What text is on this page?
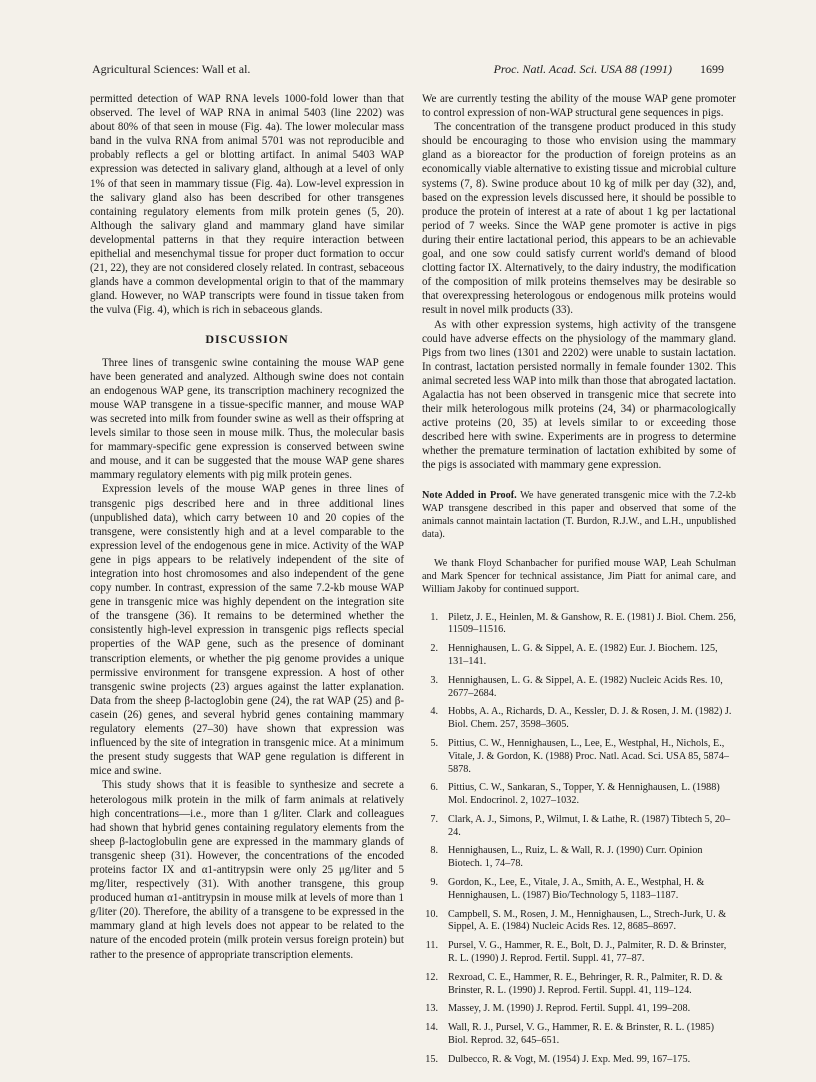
Agricultural Sciences: Wall et al.	Proc. Natl. Acad. Sci. USA 88 (1991) 1699

permitted detection of WAP RNA levels 1000-fold lower than that observed. The level of WAP RNA in animal 5403 (line 2202) was about 80% of that seen in mouse (Fig. 4a). The lower molecular mass band in the vulva RNA from animal 5701 was not reproducible and probably reflects a gel or blotting artifact. In animal 5403 WAP expression was detected in salivary gland, although at a level of only 1% of that seen in mammary tissue (Fig. 4a). Low-level expression in the salivary gland also has been described for other transgenes containing regulatory elements from milk protein genes (5, 20). Although the salivary gland and mammary gland have similar developmental patterns in that they require interaction between epithelial and mesenchymal tissue for proper duct formation to occur (21, 22), they are not considered closely related. In contrast, sebaceous glands have a common developmental origin to that of the mammary gland. However, no WAP transcripts were found in tissue taken from the vulva (Fig. 4), which is rich in sebaceous glands.

DISCUSSION

Three lines of transgenic swine containing the mouse WAP gene have been generated and analyzed. Although swine does not contain an endogenous WAP gene, its transcription machinery recognized the mouse WAP transgene in a tissue-specific manner, and mouse WAP was secreted into milk from founder swine as well as their offspring at levels similar to those seen in mouse milk. Thus, the molecular basis for mammary-specific gene expression is conserved between swine and mouse, and it can be suggested that the mouse WAP gene shares mammary regulatory elements with pig milk protein genes.

Expression levels of the mouse WAP genes in three lines of transgenic pigs described here and in three additional lines (unpublished data), which carry between 10 and 20 copies of the transgene, were consistently high and at a level comparable to the expression level of the endogenous gene in mice. Activity of the WAP gene in pigs appears to be relatively independent of the site of integration into host chromosomes and also independent of the gene copy number. In contrast, expression of the same 7.2-kb mouse WAP gene in transgenic mice was highly dependent on the integration site of the transgene (36). It remains to be determined whether the consistently high-level expression in transgenic pigs reflects special properties of the WAP gene, such as the presence of dominant transcription elements, or whether the pig genome provides a unique permissive environment for transgene expression. A host of other transgenic swine projects (23) argues against the latter explanation. Data from the sheep β-lactoglobin gene (24), the rat WAP (25) and β-casein (26) genes, and several hybrid genes containing mammary regulatory elements (27–30) have shown that expression was influenced by the site of integration in transgenic mice. At a minimum the present study suggests that WAP gene regulation is different in mice and swine.

This study shows that it is feasible to synthesize and secrete a heterologous milk protein in the milk of farm animals at relatively high concentrations—i.e., more than 1 g/liter. Clark and colleagues had shown that hybrid genes containing regulatory elements from the sheep β-lactoglobulin gene are expressed in the mammary glands of transgenic sheep (31). However, the concentrations of the encoded proteins factor IX and α1-antitrypsin were only 25 μg/liter and 5 mg/liter, respectively (31). With another transgene, this group produced human α1-antitrypsin in mouse milk at levels of more than 1 g/liter (20). Therefore, the ability of a transgene to be expressed in the mammary gland at high levels does not appear to be related to the nature of the encoded protein (milk protein versus foreign protein) but rather to the presence of appropriate transcription elements.

We are currently testing the ability of the mouse WAP gene promoter to control expression of non-WAP structural gene sequences in pigs.

The concentration of the transgene product produced in this study should be encouraging to those who envision using the mammary gland as a bioreactor for the production of foreign proteins as an economically viable alternative to existing tissue and microbial culture systems (7, 8). Swine produce about 10 kg of milk per day (32), and, based on the expression levels discussed here, it should be possible to produce the protein of interest at a rate of about 1 kg per lactational period of 7 weeks. Since the WAP gene promoter is active in pigs during their entire lactational period, this appears to be an achievable goal, and one sow could satisfy current world's demand of blood clotting factor IX. Alternatively, to the dairy industry, the modification of the composition of milk proteins themselves may be desirable so that overexpressing heterologous or endogenous milk proteins would result in novel milk products (33).

As with other expression systems, high activity of the transgene could have adverse effects on the physiology of the mammary gland. Pigs from two lines (1301 and 2202) were unable to sustain lactation. In contrast, lactation persisted normally in female founder 1302. This animal secreted less WAP into milk than those that abrogated lactation. Agalactia has not been observed in transgenic mice that secrete into their milk heterologous milk proteins (24, 34) or pharmacologically active proteins (20, 35) at levels similar to or exceeding those described here with swine. Experiments are in progress to determine whether the premature termination of lactation exhibited by some of the pigs is associated with mammary gene expression.

Note Added in Proof. We have generated transgenic mice with the 7.2-kb WAP transgene described in this paper and observed that some of the animals cannot maintain lactation (T. Burdon, R.J.W., and L.H., unpublished data).

We thank Floyd Schanbacher for purified mouse WAP, Leah Schulman and Mark Spencer for technical assistance, Jim Piatt for animal care, and William Jakoby for continued support.

1. Piletz, J. E., Heinlen, M. & Ganshow, R. E. (1981) J. Biol. Chem. 256, 11509–11516.
2. Hennighausen, L. G. & Sippel, A. E. (1982) Eur. J. Biochem. 125, 131–141.
3. Hennighausen, L. G. & Sippel, A. E. (1982) Nucleic Acids Res. 10, 2677–2684.
4. Hobbs, A. A., Richards, D. A., Kessler, D. J. & Rosen, J. M. (1982) J. Biol. Chem. 257, 3598–3605.
5. Pittius, C. W., Hennighausen, L., Lee, E., Westphal, H., Nichols, E., Vitale, J. & Gordon, K. (1988) Proc. Natl. Acad. Sci. USA 85, 5874–5878.
6. Pittius, C. W., Sankaran, S., Topper, Y. & Hennighausen, L. (1988) Mol. Endocrinol. 2, 1027–1032.
7. Clark, A. J., Simons, P., Wilmut, I. & Lathe, R. (1987) Tibtech 5, 20–24.
8. Hennighausen, L., Ruiz, L. & Wall, R. J. (1990) Curr. Opinion Biotech. 1, 74–78.
9. Gordon, K., Lee, E., Vitale, J. A., Smith, A. E., Westphal, H. & Hennighausen, L. (1987) Bio/Technology 5, 1183–1187.
10. Campbell, S. M., Rosen, J. M., Hennighausen, L., Strech-Jurk, U. & Sippel, A. E. (1984) Nucleic Acids Res. 12, 8685–8697.
11. Pursel, V. G., Hammer, R. E., Bolt, D. J., Palmiter, R. D. & Brinster, R. L. (1990) J. Reprod. Fertil. Suppl. 41, 77–87.
12. Rexroad, C. E., Hammer, R. E., Behringer, R. R., Palmiter, R. D. & Brinster, R. L. (1990) J. Reprod. Fertil. Suppl. 41, 119–124.
13. Massey, J. M. (1990) J. Reprod. Fertil. Suppl. 41, 199–208.
14. Wall, R. J., Pursel, V. G., Hammer, R. E. & Brinster, R. L. (1985) Biol. Reprod. 32, 645–651.
15. Dulbecco, R. & Vogt, M. (1954) J. Exp. Med. 99, 167–175.
